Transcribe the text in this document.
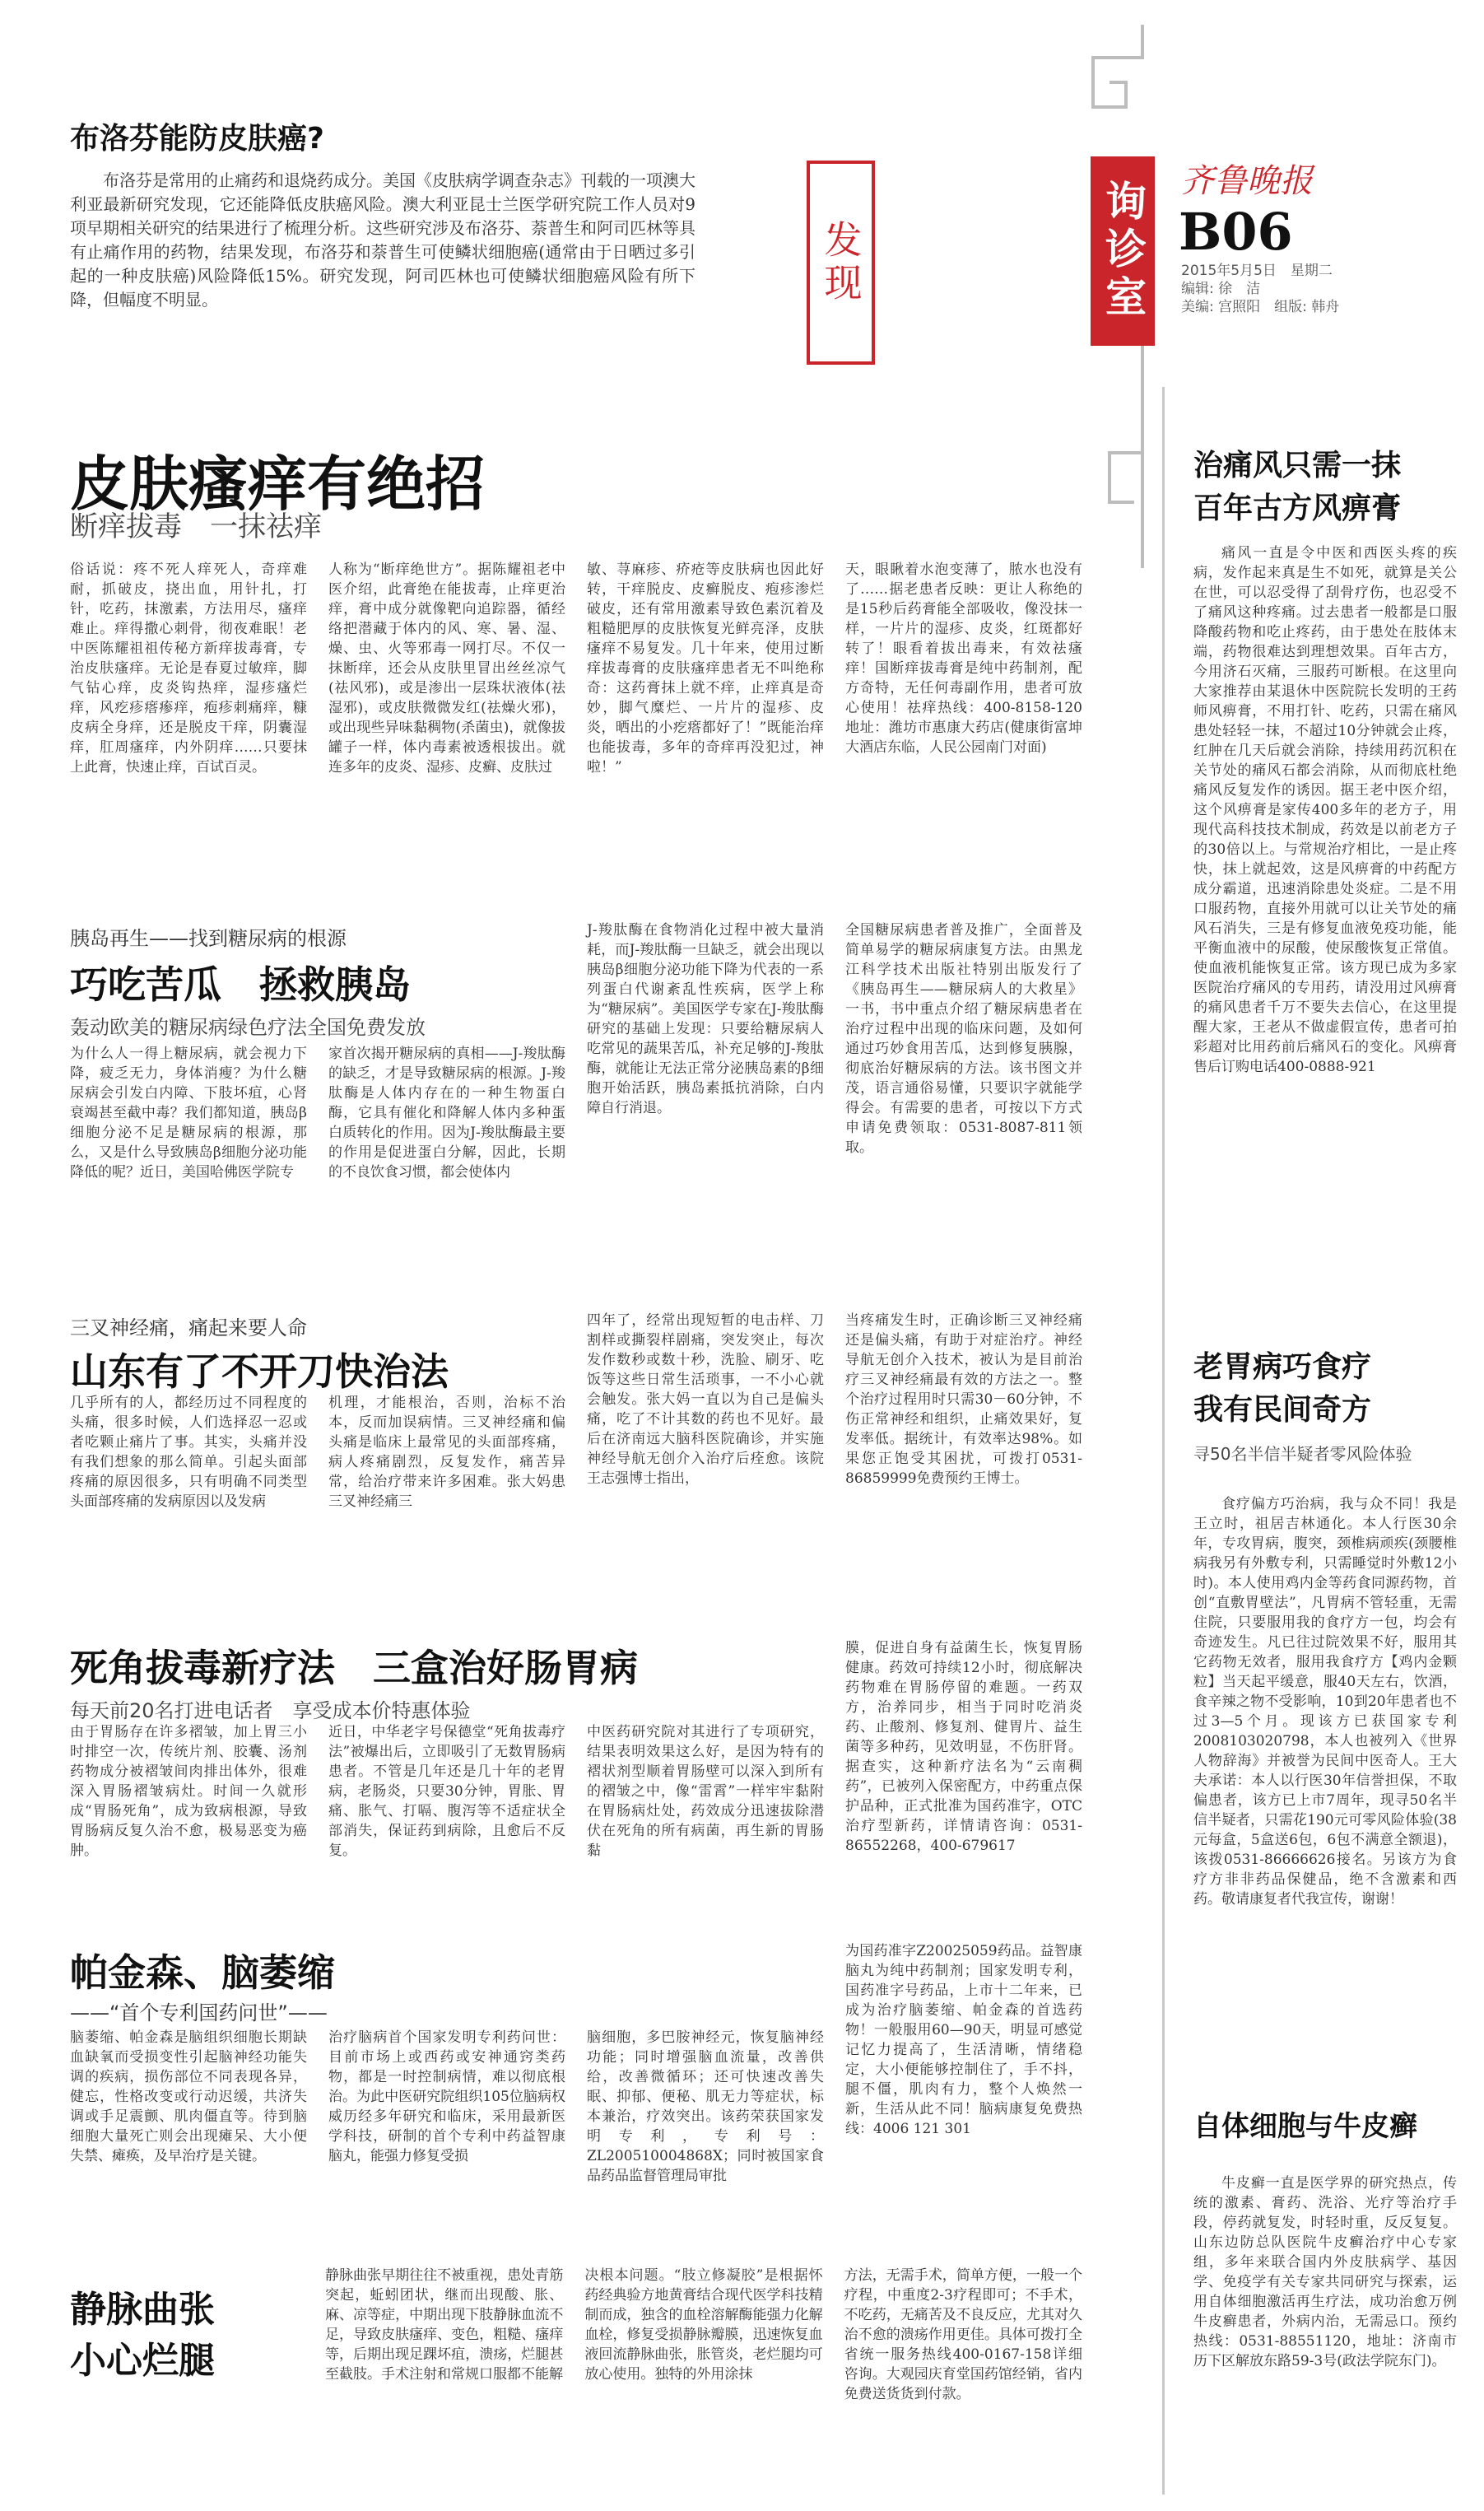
发现	询诊室 齐鲁晚报
B06
2015年5月5日　星期二
编辑: 徐　洁
美编: 宫照阳　组版: 韩舟
布洛芬能防皮肤癌?
布洛芬是常用的止痛药和退烧药成分。美国《皮肤病学调查杂志》刊载的一项澳大利亚最新研究发现，它还能降低皮肤癌风险。澳大利亚昆士兰医学研究院工作人员对9项早期相关研究的结果进行了梳理分析。这些研究涉及布洛芬、萘普生和阿司匹林等具有止痛作用的药物，结果发现，布洛芬和萘普生可使鳞状细胞癌(通常由于日晒过多引起的一种皮肤癌)风险降低15%。研究发现，阿司匹林也可使鳞状细胞癌风险有所下降，但幅度不明显。
皮肤瘙痒有绝招
断痒拔毒　一抹祛痒
俗话说：疼不死人痒死人，奇痒难耐，抓破皮，挠出血，用针扎，打针，吃药，抹激素，方法用尽，瘙痒难止。痒得撒心刺骨，彻夜难眠！老中医陈耀祖祖传秘方新痒拔毒膏，专治皮肤瘙痒。无论是春夏过敏痒，脚气钻心痒，皮炎钩热痒，湿疹瘙烂痒，风疙疹瘩瘆痒，疱疹刺痛痒，糠皮病全身痒，还是脱皮干痒，阴囊湿痒，肛周瘙痒，内外阴痒……只要抹上此膏，快速止痒，百试百灵。
人称为“断痒绝世方”。据陈耀祖老中医介绍，此膏绝在能拔毒，止痒更治痒，膏中成分就像靶向追踪器，循经络把潜藏于体内的风、寒、暑、湿、燥、虫、火等邪毒一网打尽。不仅一抹断痒，还会从皮肤里冒出丝丝凉气(祛风邪)，或是渗出一层珠状液体(祛湿邪)，或皮肤微微发红(祛燥火邪)，或出现些异味黏稠物(杀菌虫)，就像拔罐子一样，体内毒素被透根拔出。就连多年的皮炎、湿疹、皮癣、皮肤过
敏、荨麻疹、疥疮等皮肤病也因此好转，干痒脱皮、皮癣脱皮、疱疹渗烂破皮，还有常用激素导致色素沉着及粗糙肥厚的皮肤恢复光鲜亮泽，皮肤瘙痒不易复发。几十年来，使用过断痒拔毒膏的皮肤瘙痒患者无不叫绝称奇：这药膏抹上就不痒，止痒真是奇妙，脚气糜烂、一片片的湿疹、皮炎，晒出的小疙瘩都好了！”既能治痒也能拔毒，多年的奇痒再没犯过，神啦！”
天，眼瞅着水泡变薄了，脓水也没有了……据老患者反映：更让人称绝的是15秒后药膏能全部吸收，像没抹一样，一片片的湿疹、皮炎，红斑都好转了！眼看着拔出毒来，有效祛瘙痒！国断痒拔毒膏是纯中药制剂，配方奇特，无任何毒副作用，患者可放心使用！祛痒热线：400-8158-120　地址：潍坊市惠康大药店(健康街富坤大酒店东临，人民公园南门对面)
胰岛再生——找到糖尿病的根源
巧吃苦瓜　拯救胰岛
轰动欧美的糖尿病绿色疗法全国免费发放
为什么人一得上糖尿病，就会视力下降，疲乏无力，身体消瘦？为什么糖尿病会引发白内障、下肢坏疽，心肾衰竭甚至截中毒？我们都知道，胰岛β细胞分泌不足是糖尿病的根源，那么，又是什么导致胰岛β细胞分泌功能降低的呢？近日，美国哈佛医学院专
家首次揭开糖尿病的真相——J-羧肽酶的缺乏，才是导致糖尿病的根源。J-羧肽酶是人体内存在的一种生物蛋白酶，它具有催化和降解人体内多种蛋白质转化的作用。因为J-羧肽酶最主要的作用是促进蛋白分解，因此，长期的不良饮食习惯，都会使体内
J-羧肽酶在食物消化过程中被大量消耗，而J-羧肽酶一旦缺乏，就会出现以胰岛β细胞分泌功能下降为代表的一系列蛋白代谢紊乱性疾病，医学上称为“糖尿病”。美国医学专家在J-羧肽酶研究的基础上发现：只要给糖尿病人吃常见的蔬果苦瓜，补充足够的J-羧肽酶，就能让无法正常分泌胰岛素的β细胞开始活跃，胰岛素抵抗消除，白内障自行消退。
全国糖尿病患者普及推广，全面普及简单易学的糖尿病康复方法。由黑龙江科学技术出版社特别出版发行了《胰岛再生——糖尿病人的大救星》一书，书中重点介绍了糖尿病患者在治疗过程中出现的临床问题，及如何通过巧妙食用苦瓜，达到修复胰腺，彻底治好糖尿病的方法。该书图文并茂，语言通俗易懂，只要识字就能学得会。有需要的患者，可按以下方式申请免费领取：0531-8087-811领取。
三叉神经痛，痛起来要人命
山东有了不开刀快治法
几乎所有的人，都经历过不同程度的头痛，很多时候，人们选择忍一忍或者吃颗止痛片了事。其实，头痛并没有我们想象的那么简单。引起头面部疼痛的原因很多，只有明确不同类型头面部疼痛的发病原因以及发病
机理，才能根治，否则，治标不治本，反而加误病情。三叉神经痛和偏头痛是临床上最常见的头面部疼痛，病人疼痛剧烈，反复发作，痛苦异常，给治疗带来许多困难。张大妈患三叉神经痛三
四年了，经常出现短暂的电击样、刀割样或撕裂样剧痛，突发突止，每次发作数秒或数十秒，洗脸、刷牙、吃饭等这些日常生活琐事，一不小心就会触发。张大妈一直以为自己是偏头痛，吃了不计其数的药也不见好。最后在济南远大脑科医院确诊，并实施神经导航无创介入治疗后痊愈。该院王志强博士指出，
当疼痛发生时，正确诊断三叉神经痛还是偏头痛，有助于对症治疗。神经导航无创介入技术，被认为是目前治疗三叉神经痛最有效的方法之一。整个治疗过程用时只需30－60分钟，不伤正常神经和组织，止痛效果好，复发率低。据统计，有效率达98%。如果您正饱受其困扰，可拨打0531-86859999免费预约王博士。
死角拔毒新疗法　三盒治好肠胃病
每天前20名打进电话者　享受成本价特惠体验
由于胃肠存在许多褶皱，加上胃三小时排空一次，传统片剂、胶囊、汤剂药物成分被褶皱间肉排出体外，很难深入胃肠褶皱病灶。时间一久就形成“胃肠死角”，成为致病根源，导致胃肠病反复久治不愈，极易恶变为癌肿。
近日，中华老字号保德堂“死角拔毒疗法”被爆出后，立即吸引了无数胃肠病患者。不管是几年还是几十年的老胃病，老肠炎，只要30分钟，胃胀、胃痛、胀气、打嗝、腹泻等不适症状全部消失，保证药到病除，且愈后不反复。
中医药研究院对其进行了专项研究，结果表明效果这么好，是因为特有的褶状剂型顺着胃肠壁可以深入到所有的褶皱之中，像“雷霄”一样牢牢黏附在胃肠病灶处，药效成分迅速拔除潜伏在死角的所有病菌，再生新的胃肠黏
膜，促进自身有益菌生长，恢复胃肠健康。药效可持续12小时，彻底解决药物难在胃肠停留的难题。一药双方，治养同步，相当于同时吃消炎药、止酸剂、修复剂、健胃片、益生菌等多种药，见效明显，不伤肝肾。据查实，这种新疗法名为“云南稠药”，已被列入保密配方，中药重点保护品种，正式批准为国药准字，OTC治疗型新药，详情请咨询：0531-86552268，400-679617
帕金森、脑萎缩
——“首个专利国药问世”——
脑萎缩、帕金森是脑组织细胞长期缺血缺氧而受损变性引起脑神经功能失调的疾病，损伤部位不同表现各异，健忘，性格改变或行动迟缓，共济失调或手足震颤、肌肉僵直等。待到脑细胞大量死亡则会出现瘫呆、大小便失禁、瘫痪，及早治疗是关键。
治疗脑病首个国家发明专利药问世：目前市场上或西药或安神通窍类药物，都是一时控制病情，难以彻底根治。为此中医研究院组织105位脑病权威历经多年研究和临床，采用最新医学科技，研制的首个专利中药益智康脑丸，能强力修复受损
脑细胞，多巴胺神经元，恢复脑神经功能；同时增强脑血流量，改善供给，改善微循环；还可快速改善失眠、抑郁、便秘、肌无力等症状，标本兼治，疗效突出。该药荣获国家发明专利，专利号：ZL200510004868X；同时被国家食品药品监督管理局审批
为国药准字Z20025059药品。益智康脑丸为纯中药制剂；国家发明专利，国药准字号药品，上市十二年来，已成为治疗脑萎缩、帕金森的首选药物！一般服用60—90天，明显可感觉记忆力提高了，生活清晰，情绪稳定，大小便能够控制住了，手不抖，腿不僵，肌肉有力，整个人焕然一新，生活从此不同！脑病康复免费热线：4006 121 301
静脉曲张
小心烂腿
静脉曲张早期往往不被重视，患处青筋突起，蚯蚓团状，继而出现酸、胀、麻、凉等症，中期出现下肢静脉血流不足，导致皮肤瘙痒、变色，粗糙、瘙痒等，后期出现足踝坏疽，溃疡，烂腿甚至截肢。手术注射和常规口服都不能解
决根本问题。“肢立修凝胶”是根据怀药经典验方地黄膏结合现代医学科技精制而成，独含的血栓溶解酶能强力化解血栓，修复受损静脉瓣膜，迅速恢复血液回流静脉曲张，胀管炎，老烂腿均可放心使用。独特的外用涂抹
方法，无需手术，简单方便，一般一个疗程，中重度2-3疗程即可；不手术，不吃药，无痛苦及不良反应，尤其对久治不愈的溃疡作用更佳。具体可拨打全省统一服务热线400-0167-158详细咨询。大观园庆育堂国药馆经销，省内免费送货货到付款。
治痛风只需一抹
百年古方风痹膏
痛风一直是令中医和西医头疼的疾病，发作起来真是生不如死，就算是关公在世，可以忍受得了刮骨疗伤，也忍受不了痛风这种疼痛。过去患者一般都是口服降酸药物和吃止疼药，由于患处在肢体末端，药物很难达到理想效果。百年古方，今用济石灭痛，三服药可断根。在这里向大家推荐由某退休中医院院长发明的王药师风痹膏，不用打针、吃药，只需在痛风患处轻轻一抹，不超过10分钟就会止疼，红肿在几天后就会消除，持续用药沉积在关节处的痛风石都会消除，从而彻底杜绝痛风反复发作的诱因。据王老中医介绍，这个风痹膏是家传400多年的老方子，用现代高科技技术制成，药效是以前老方子的30倍以上。与常规治疗相比，一是止疼快，抹上就起效，这是风痹膏的中药配方成分霸道，迅速消除患处炎症。二是不用口服药物，直接外用就可以让关节处的痛风石消失，三是有修复血液免疫功能，能平衡血液中的尿酸，使尿酸恢复正常值。使血液机能恢复正常。该方现已成为多家医院治疗痛风的专用药，请没用过风痹膏的痛风患者千万不要失去信心，在这里提醒大家，王老从不做虚假宣传，患者可拍彩超对比用药前后痛风石的变化。风痹膏售后订购电话400-0888-921
老胃病巧食疗
我有民间奇方
寻50名半信半疑者零风险体验
食疗偏方巧治病，我与众不同！我是王立时，祖居吉林通化。本人行医30余年，专攻胃病，腹突，颈椎病顽疾(颈腰椎病我另有外敷专利，只需睡觉时外敷12小时)。本人使用鸡内金等药食同源药物，首创“直敷胃壁法”，凡胃病不管轻重，无需住院，只要服用我的食疗方一包，均会有奇迹发生。凡已往过院效果不好，服用其它药物无效者，服用我食疗方【鸡内金颗粒】当天起平缓意，服40天左右，饮酒，食辛辣之物不受影响，10到20年患者也不过3—5个月。现该方已获国家专利2008103020798，本人也被列入《世界人物辞海》并被誉为民间中医奇人。王大夫承诺：本人以行医30年信誉担保，不取偏患者，该方已上市7周年，现寻50名半信半疑者，只需花190元可零风险体验(38元每盒，5盒送6包，6包不满意全额退)，该拨0531-86666626接名。另该方为食疗方非非药品保健品，绝不含激素和西药。敬请康复者代我宣传，谢谢！
自体细胞与牛皮癣
牛皮癣一直是医学界的研究热点，传统的激素、膏药、洗浴、光疗等治疗手段，停药就复发，时轻时重，反反复复。山东边防总队医院牛皮癣治疗中心专家组，多年来联合国内外皮肤病学、基因学、免疫学有关专家共同研究与探索，运用自体细胞激活再生疗法，成功治愈万例牛皮癣患者，外病内治，无需忌口。预约热线：0531-88551120，地址：济南市历下区解放东路59-3号(政法学院东门)。
